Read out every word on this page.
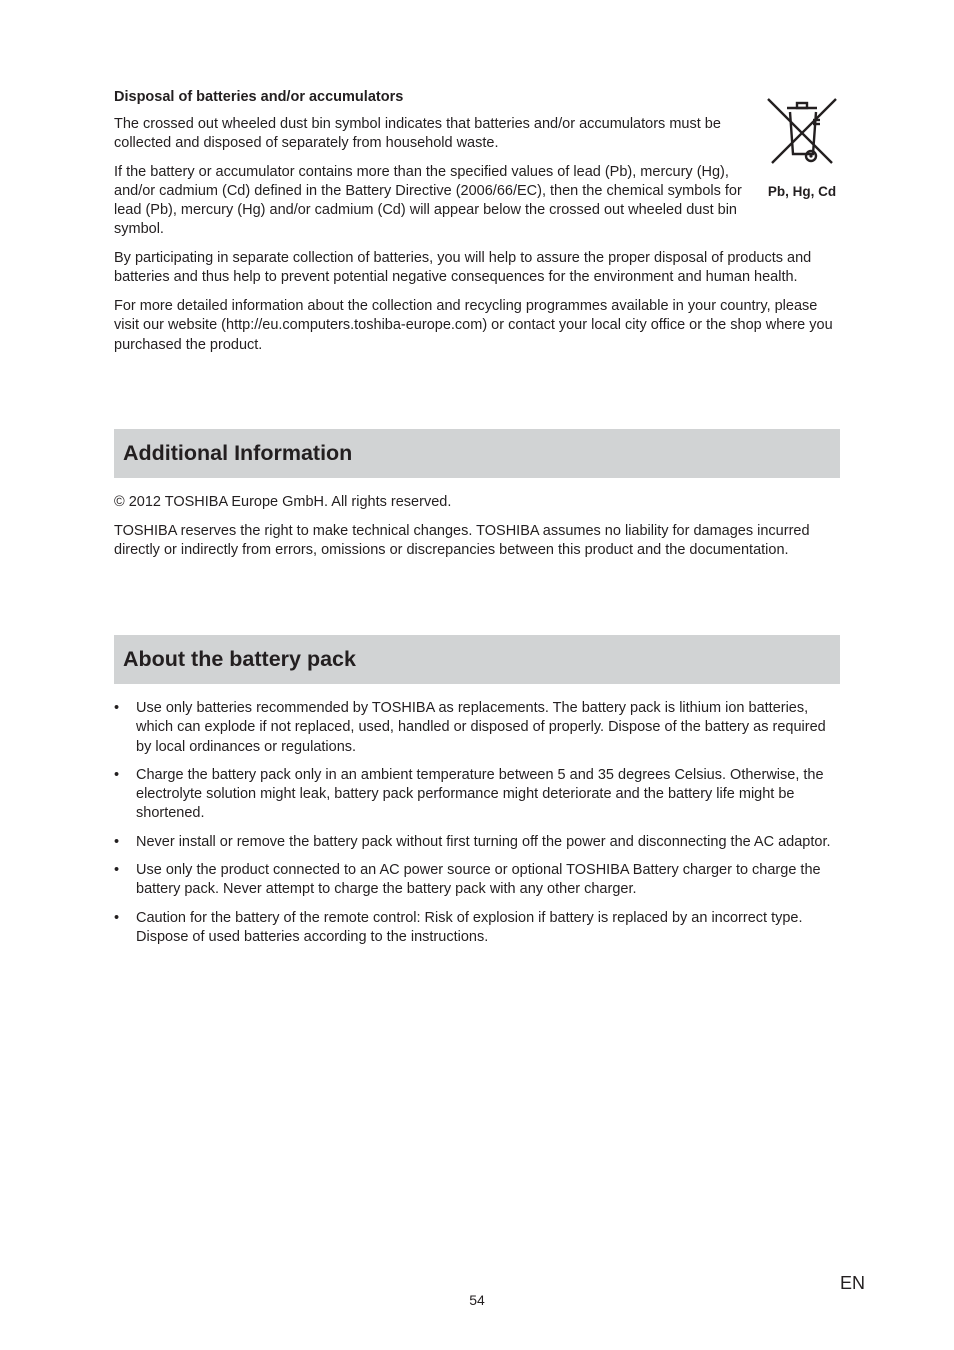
Disposal of batteries and/or accumulators

The crossed out wheeled dust bin symbol indicates that batteries and/or accumulators must be collected and disposed of separately from household waste.

If the battery or accumulator contains more than the specified values of lead (Pb), mercury (Hg), and/or cadmium (Cd) defined in the Battery Directive (2006/66/EC), then the chemical symbols for lead (Pb), mercury (Hg) and/or cadmium (Cd) will appear below the crossed out wheeled dust bin symbol.

Pb, Hg, Cd

By participating in separate collection of batteries, you will help to assure the proper disposal of products and batteries and thus help to prevent potential negative consequences for the environment and human health.

For more detailed information about the collection and recycling programmes available in your country, please visit our website (http://eu.computers.toshiba-europe.com) or contact your local city office or the shop where you purchased the product.

Additional Information

© 2012 TOSHIBA Europe GmbH. All rights reserved.

TOSHIBA reserves the right to make technical changes. TOSHIBA assumes no liability for damages incurred directly or indirectly from errors, omissions or discrepancies between this product and the documentation.

About the battery pack
• Use only batteries recommended by TOSHIBA as replacements. The battery pack is lithium ion batteries, which can explode if not replaced, used, handled or disposed of properly. Dispose of the battery as required by local ordinances or regulations.
• Charge the battery pack only in an ambient temperature between 5 and 35 degrees Celsius. Otherwise, the electrolyte solution might leak, battery pack performance might deteriorate and the battery life might be shortened.
• Never install or remove the battery pack without first turning off the power and disconnecting the AC adaptor.
• Use only the product connected to an AC power source or optional TOSHIBA Battery charger to charge the battery pack. Never attempt to charge the battery pack with any other charger.
• Caution for the battery of the remote control: Risk of explosion if battery is replaced by an incorrect type. Dispose of used batteries according to the instructions.
EN
54
